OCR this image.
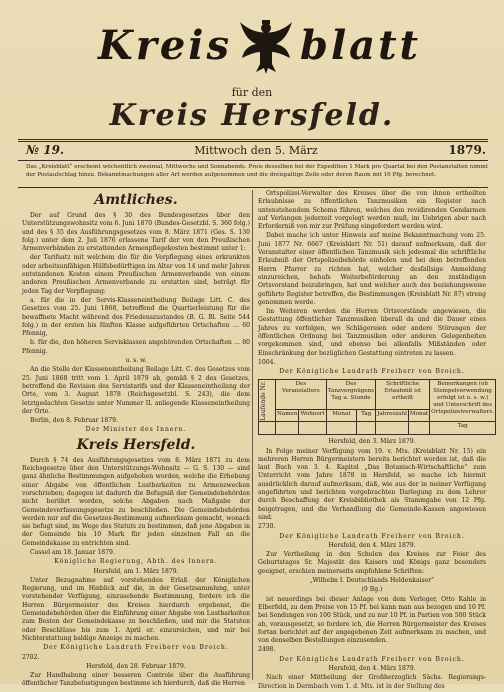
Kreis blatt
für den
Kreis Hersfeld.
№ 19.	Mittwoch den 5. März	1879.
Das „Kreisblatt“ erscheint wöchentlich zweimal, Mittwochs und Sonnabends. Preis desselben bei der Expedition 1 Mark pro Quartal bei den Postanstalten nimmt der Postaufschlag hinzu. Bekanntmachungen aller Art werden aufgenommen und die dreispaltige Zeile oder deren Raum mit 10 Pfg. berechnet.

Amtliches.

Der auf Grund des § 30 des Bundesgesetzes über den Unterstützungswohnsitz vom 6. Juni 1870 (Bundes-Gesetzbl. S. 360 folg.) und des § 35 des Ausführungsgesetzes vom 8. März 1871 (Ges. S. 130 folg.) unter dem 2. Juli 1876 erlassene Tarif der von den Preußischen Armenverbänden zu erstattenden Armenpflegekosten bestimmt unter 1:

der Tarifsatz mit welchem die für die Verpflegung eines erkrankten oder arbeitsunfähigen Hülfsbedürftigen im Alter von 14 und mehr Jahren entstandenen Kosten einem Preußischen Armenverbande von einem anderen Preußischen Armenverbande zu erstatten sind, beträgt für jeden Tag der Verpflegung:

a. für die in der Servis-Klasseneintheilung Beilage Litt. C. des Gesetzes vom 25. Juni 1868, betreffend die Quartierleistung für die bewaffnete Macht während des Friedenszustandes (B. G. Bl. Seite 544 folg.) in der ersten bis fünften Klasse aufgeführten Ortschaften … 60 Pfennig,

b. für die, den höheren Servisklassen angehörenden Ortschaften … 80 Pfennig.

u. s. w.

An die Stelle der Klasseneintheilung Beilage Litt. C. des Gesetzes vom 25. Juni 1868 tritt vom 1. April 1879 ab, gemäß § 2 des Gesetzes, betreffend die Revision des Servistarifs und der Klasseneintheilung der Orte, vom 3. August 1878 (Reichsgesetzbl. S. 243), die dem letztgedachten Gesetze unter Nummer II. anliegende Klasseneintheilung der Orte.

Berlin, den 8. Februar 1879.

Der Minister des Innern.

Kreis Hersfeld.

Durch § 74 des Ausführungsgesetzes vom 8. März 1871 zu dem Reichsgesetze über den Unterstützungs-Wohnsitz — G. S. 130 — sind ganz ähnliche Bestimmungen aufgehoben worden, welche die Erhebung einer Abgabe von öffentlichen Lustbarkeiten zu Armenzwecken vorschrieben; dagegen ist dadurch die Befugniß der Gemeindebehörden nicht berührt worden, solche Abgaben nach Maßgabe der Gemeindeverfassungsgesetze zu beschließen. Die Gemeindebehörden werden nur auf die Gesetzes-Bestimmung aufmerksam gemacht, wonach sie befugt sind, im Wege des Statuts zu bestimmen, daß jene Abgaben in der Gemeinde bis 10 Mark für jeden einzelnen Fall an die Gemeindekasse zu entrichten sind.

Cassel am 18. Januar 1879.

Königliche Regierung, Abth. des Innern.

Hersfeld, am 1. März 1879.

Unter Bezugnahme auf vorstehenden Erlaß der Königlichen Regierung, und im Hinblick auf die, in der Gesetzsammlung, unter vorstehender Verfügung, einzusehende Bestimmung, fordere ich die Herren Bürgermeister des Kreises hierdurch ergebenst, die Gemeindebehörden über die Einführung einer Abgabe von Lustbarkeiten zum Besten der Gemeindekasse zu beschließen, und mir die Statuten oder Beschlüsse bis zum 1. April er. einzureichen, und mir bei Nichterstattung baldige Anzeige zu machen.

Der Königliche Landrath Freiherr von Broich.

2702.

Hersfeld, den 28. Februar 1879.

Zur Handhabung einer besseren Controle über die Ausführung öffentlicher Tanzbelustigungen bestimme ich hierdurch, daß die Herren

Ortspolizei-Verwalter des Kreises über die von ihnen ertheilten Erlaubnisse zu öffentlichen Tanzmusiken ein Register nach untenstehendem Schema führen, welches den revidirenden Gendarmen auf Verlangen jederzeit vorgelegt werden muß, im Uebrigen aber nach Erforderniß von mir zur Prüfung eingefordert werden wird.

Dabei mache ich unter Hinweis auf meine Bekanntmachung vom 25. Juni 1877 Nr. 6667 (Kreisblatt Nr. 51) darauf aufmerksam, daß der Veranstalter einer öffentlichen Tanzmusik sich jedesmal die schriftliche Erlaubniß der Ortspolizeibehörde einholen und bei dem betreffenden Herrn Pfarrer zu richten hat, welcher desfallsige Anmeldung einzureichen, behufs Weiterbeförderung an den zuständigen Ortsvorstand beizubringen, hat und welcher auch des beziehungsweise geführte Register betreffen, die Bestimmungen (Kreisblatt Nr. 87) streng genommen werde.

Im Weiteren werden die Herren Ortsvorstände angewiesen, die Gestattung öffentlicher Tanzmusiken überall da und die Dauer eines Jahres zu verfolgen, wo Schlägereien oder andere Störungen der öffentlichen Ordnung bei Tanzmusiken oder anderen Gelegenheiten vorgekommen sind, und ebenso bei allenfalls Mißständen oder Einschränkung der bezüglichen Gestattung eintreten zu lassen.

1004.

Der Königliche Landrath Freiherr von Broich.

Laufende Nr.	Des Veranstalters		Des Tanzvergnügens Tag u. Stunde		Schriftliche Erlaubniß ist ertheilt		Bemerkungen (ob Stempelverwendung erfolgt ist u. s. w.) und Unterschrift des Ortspolizeiverwalters.
	Namen	Wohnort	Monat	Tag	Jahreszahl	Monat	
							Tag

Hersfeld, den 3. März 1879.

In Folge meiner Verfügung vom 19. v. Mts. (Kreisblatt Nr. 15) ein mehreren Herren Bürgermeistern bereits berichtet worden ist, daß die laut Buch von 3. 4. Kapitel „Das Botanisch-Wirtschaftliche“ zum Unterricht vom Jahre 1878 in Hersfeld, so mache ich hiermit ausdrücklich darauf aufmerksam, daß, wie aus der in meiner Verfügung angeführten und berichten vorgebrachten Darlegung zu dem Lehrer durch Beschaffung der Kreisbibliothek als Stammgabe von 12 Pfg. beigetragen, und die Verhandlung die Gemeinde-Kassen angewiesen sind.

2730.

Der Königliche Landrath Freiherr von Broich.

Hersfeld, den 4. März 1879.

Zur Vertheilung in den Schulen des Kreises zur Feier des Geburtstages Sr. Majestät des Kaisers und Königs ganz besonders geeignet, erschien meinerseits empfohlene Schriften:

„Wilhelm I. Deutschlands Heldenkaiser“

(9 Bg.)

ist neuerdings bei dieser Anlage von dem Verleger, Otto Kahle in Elberfeld, zu dem Preise von 15 Pf. bei kann man aus bezogen und 10 Pf. bei Sendungen von 100 Stück, und zu nur 10 Pf. in Partien von 500 Stück ab, vorausgesetzt, so fordere ich, die Herren Bürgermeister des Kreises fortan berichtet auf der angegebenen Zeit aufmerksam zu machen, und von denselben Bestellungen einzusenden.

2498.

Der Königliche Landrath Freiherr von Broich.

Hersfeld, den 4. März 1879.

Nach einer Mittheilung der Großherzoglich Sächs. Regierungs-Direction in Dermbach vom 1. d. Mts. ist in der Stellung des
